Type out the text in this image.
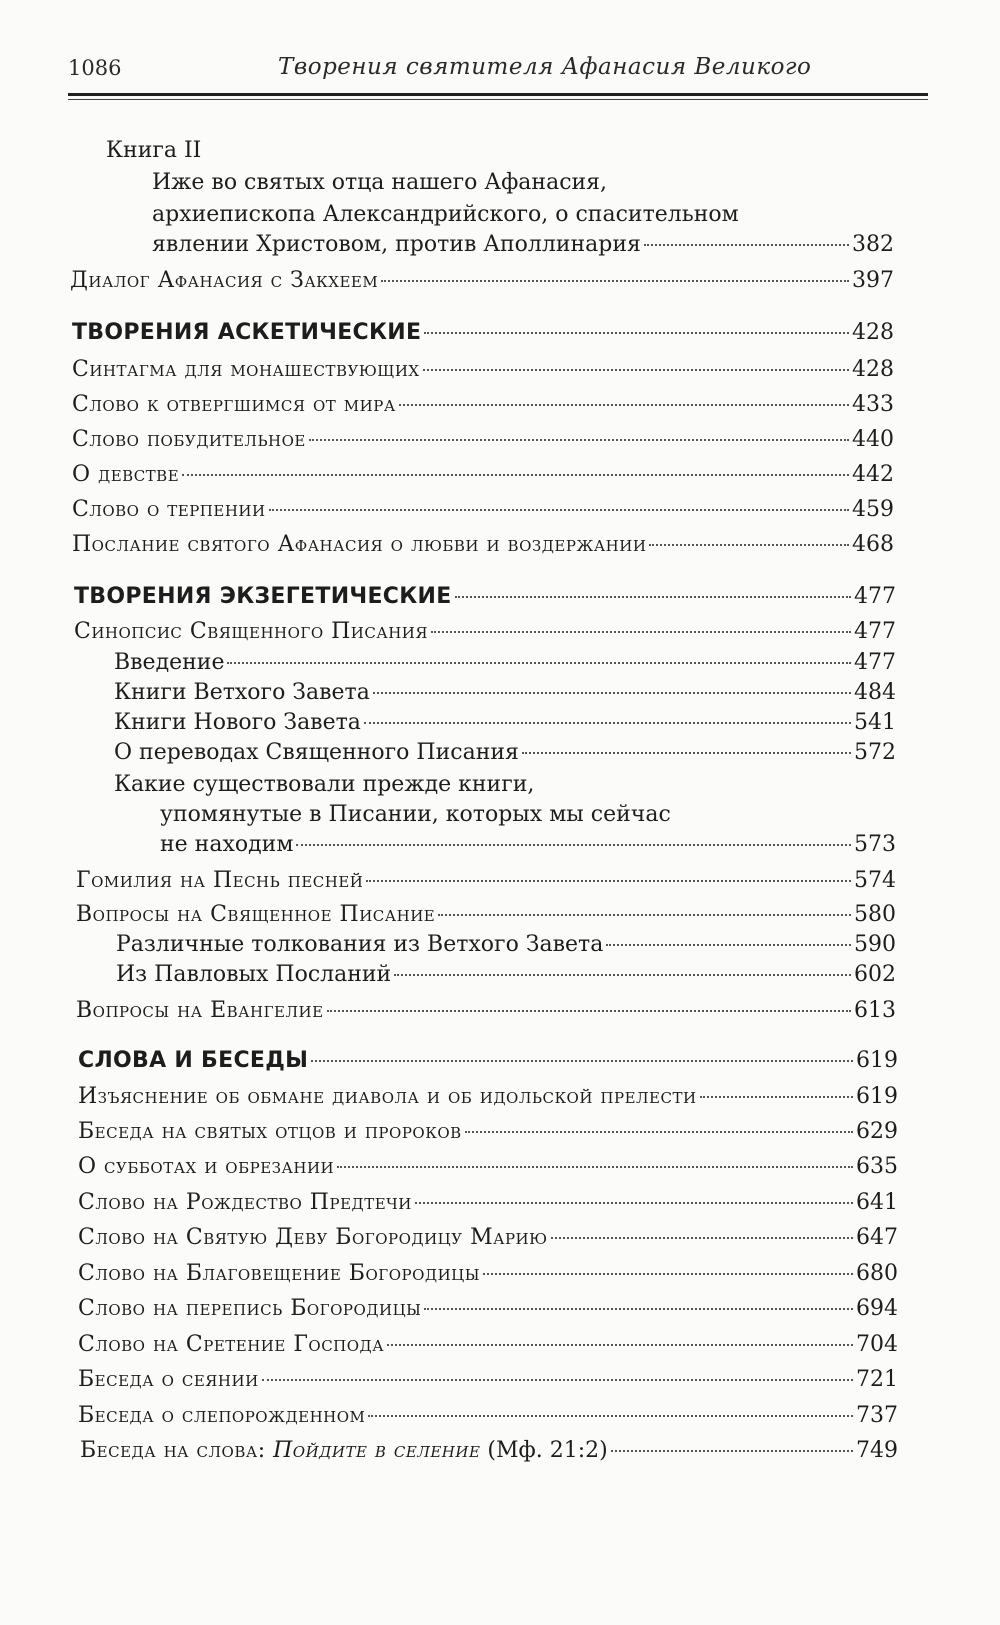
1086	Творения святителя Афанасия Великого
Книга II
Иже во святых отца нашего Афанасия,
архиепископа Александрийского, о спасительном
явлении Христовом, против Аполлинария	382
Диалог Афанасия с Закхеем	397
ТВОРЕНИЯ АСКЕТИЧЕСКИЕ	428
Синтагма для монашествующих	428
Слово к отвергшимся от мира	433
Слово побудительное	440
О девстве	442
Слово о терпении	459
Послание святого Афанасия о любви и воздержании	468
ТВОРЕНИЯ ЭКЗЕГЕТИЧЕСКИЕ	477
Синопсис Священного Писания	477
Введение	477
Книги Ветхого Завета	484
Книги Нового Завета	541
О переводах Священного Писания	572
Какие существовали прежде книги,
упомянутые в Писании, которых мы сейчас
не находим	573
Гомилия на Песнь песней	574
Вопросы на Священное Писание	580
Различные толкования из Ветхого Завета	590
Из Павловых Посланий	602
Вопросы на Евангелие	613
СЛОВА И БЕСЕДЫ	619
Изъяснение об обмане диавола и об идольской прелести	619
Беседа на святых отцов и пророков	629
О субботах и обрезании	635
Слово на Рождество Предтечи	641
Слово на Святую Деву Богородицу Марию	647
Слово на Благовещение Богородицы	680
Слово на перепись Богородицы	694
Слово на Сретение Господа	704
Беседа о сеянии	721
Беседа о слепорожденном	737
Беседа на слова: Пойдите в селение (Мф. 21:2)	749
